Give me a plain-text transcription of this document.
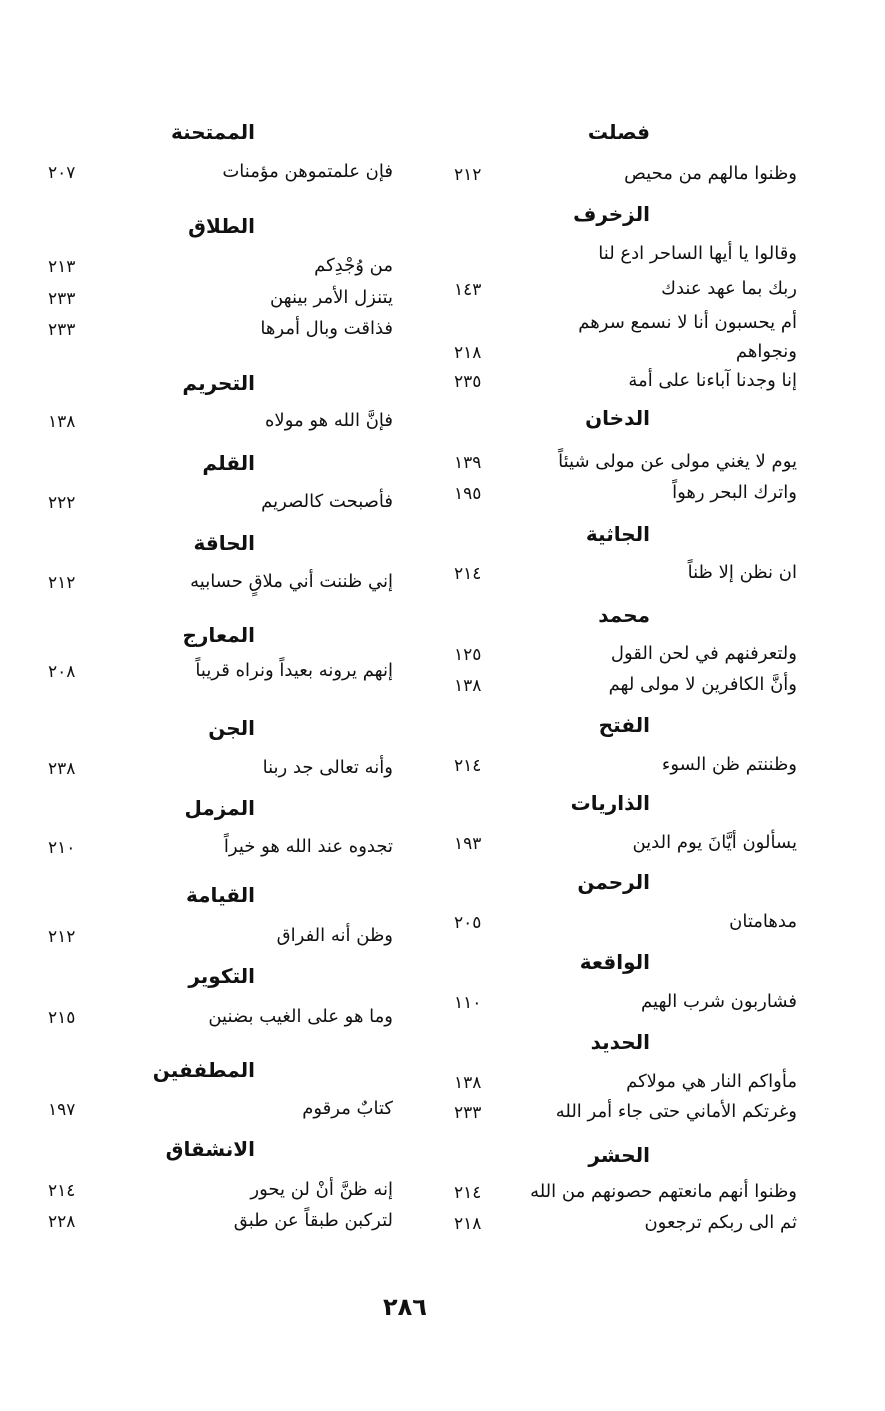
فصلت
وظنوا مالهم من محيص
٢١٢
الزخرف
وقالوا يا أيها الساحر ادع لنا
ربك بما عهد عندك
١٤٣
أم يحسبون أنا لا نسمع سرهم
ونجواهم
٢١٨
إنا وجدنا آباءنا على أمة
٢٣٥
الدخان
يوم لا يغني مولى عن مولى شيئاً
١٣٩
واترك البحر رهواً
١٩٥
الجاثية
ان نظن إلا ظناً
٢١٤
محمد
ولتعرفنهم في لحن القول
١٢٥
وأنَّ الكافرين لا مولى لهم
١٣٨
الفتح
وظننتم ظن السوء
٢١٤
الذاريات
يسألون أيَّانَ يوم الدين
١٩٣
الرحمن
مدهامتان
٢٠٥
الواقعة
فشاربون شرب الهيم
١١٠
الحديد
مأواكم النار هي مولاكم
١٣٨
وغرتكم الأماني حتى جاء أمر الله
٢٣٣
الحشر
وظنوا أنهم مانعتهم حصونهم من الله
٢١٤
ثم الى ربكم ترجعون
٢١٨
الممتحنة
فإن علمتموهن مؤمنات
٢٠٧
الطلاق
من وُجْدِكم
٢١٣
يتنزل الأمر بينهن
٢٣٣
فذاقت وبال أمرها
٢٣٣
التحريم
فإنَّ الله هو مولاه
١٣٨
القلم
فأصبحت كالصريم
٢٢٢
الحاقة
إني ظننت أني ملاقٍ حسابيه
٢١٢
المعارج
إنهم يرونه بعيداً ونراه قريباً
٢٠٨
الجن
وأنه تعالى جد ربنا
٢٣٨
المزمل
تجدوه عند الله هو خيراً
٢١٠
القيامة
وظن أنه الفراق
٢١٢
التكوير
وما هو على الغيب بضنين
٢١٥
المطففين
كتابٌ مرقوم
١٩٧
الانشقاق
إنه ظنَّ أنْ لن يحور
٢١٤
لتركبن طبقاً عن طبق
٢٢٨
٢٨٦
